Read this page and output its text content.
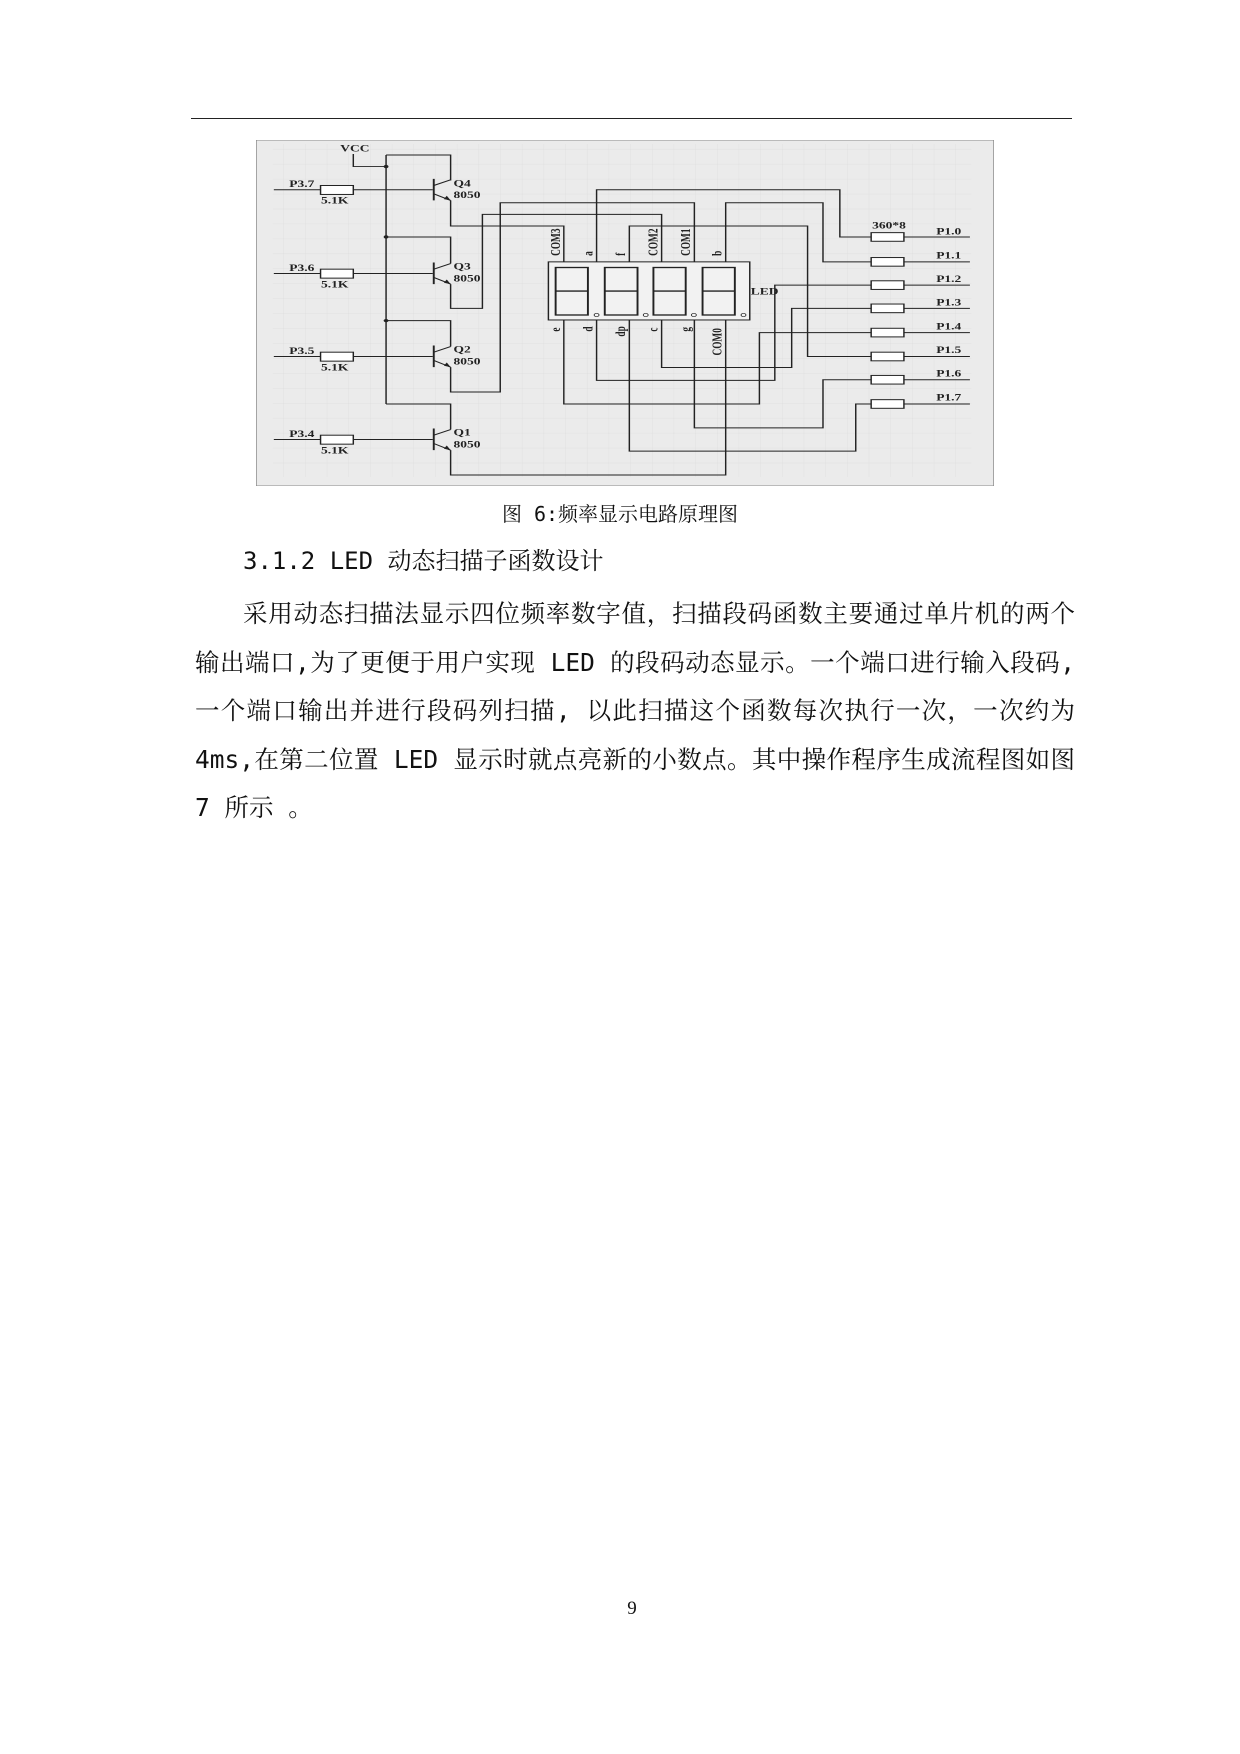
VCC
P3.7
P3.6
P3.5
P3.4
5.1K
5.1K
5.1K
5.1K
Q4
Q3
Q2
Q1
8050
8050
8050
8050
COM3 a f COM2 COM1 b
e d dp c g COM0
LED
360*8
P1.0
P1.1
P1.2
P1.3
P1.4
P1.5
P1.6
P1.7
图 6:频率显示电路原理图
3.1.2 LED 动态扫描子函数设计
采用动态扫描法显示四位频率数字值，扫描段码函数主要通过单片机的两个输出端口,为了更便于用户实现 LED 的段码动态显示。一个端口进行输入段码,一个端口输出并进行段码列扫描, 以此扫描这个函数每次执行一次，一次约为4ms,在第二位置 LED 显示时就点亮新的小数点。其中操作程序生成流程图如图 7 所示 。
9
